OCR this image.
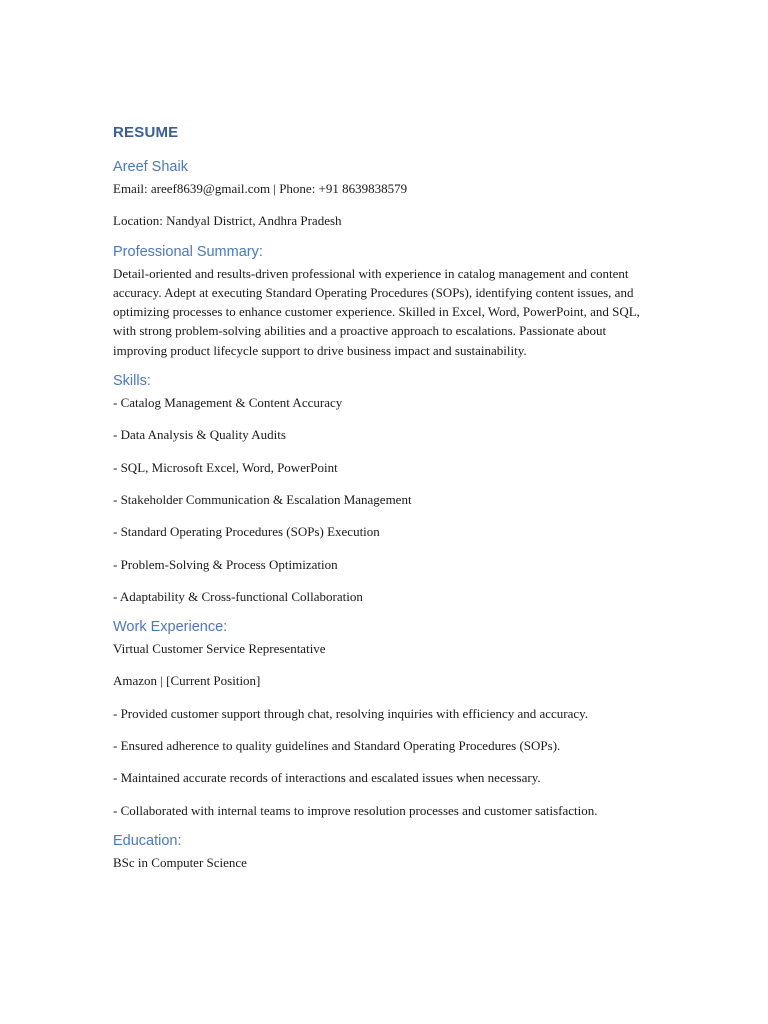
RESUME
Areef Shaik

Email: areef8639@gmail.com | Phone: +91 8639838579

Location: Nandyal District, Andhra Pradesh

Professional Summary:

Detail-oriented and results-driven professional with experience in catalog management and content accuracy. Adept at executing Standard Operating Procedures (SOPs), identifying content issues, and optimizing processes to enhance customer experience. Skilled in Excel, Word, PowerPoint, and SQL, with strong problem-solving abilities and a proactive approach to escalations. Passionate about improving product lifecycle support to drive business impact and sustainability.

Skills:

- Catalog Management & Content Accuracy

- Data Analysis & Quality Audits

- SQL, Microsoft Excel, Word, PowerPoint

- Stakeholder Communication & Escalation Management

- Standard Operating Procedures (SOPs) Execution

- Problem-Solving & Process Optimization

- Adaptability & Cross-functional Collaboration

Work Experience:

Virtual Customer Service Representative

Amazon | [Current Position]

- Provided customer support through chat, resolving inquiries with efficiency and accuracy.

- Ensured adherence to quality guidelines and Standard Operating Procedures (SOPs).

- Maintained accurate records of interactions and escalated issues when necessary.

- Collaborated with internal teams to improve resolution processes and customer satisfaction.

Education:

BSc in Computer Science
